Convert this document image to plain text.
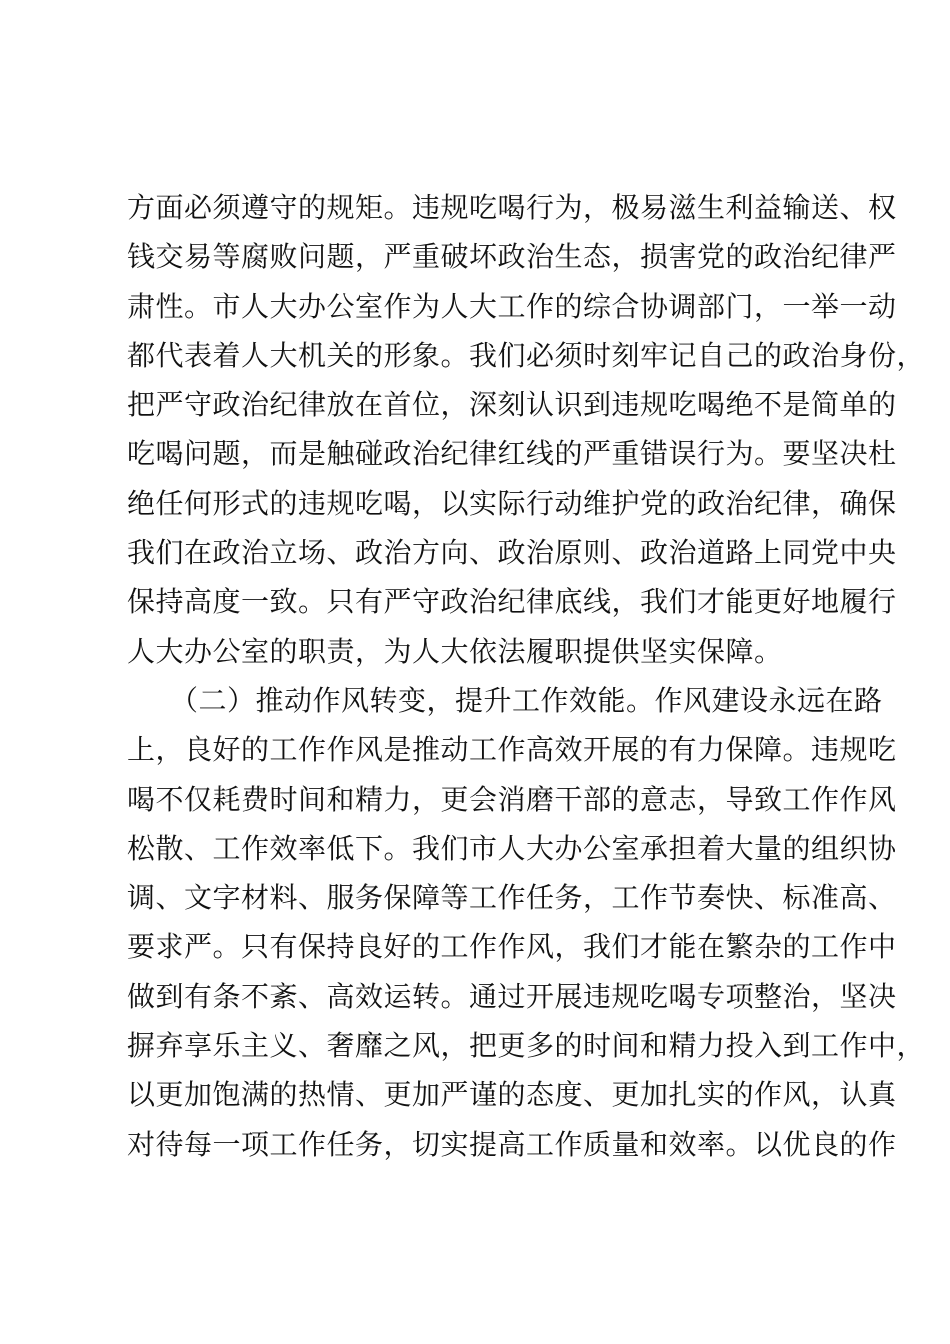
方面必须遵守的规矩。违规吃喝行为，极易滋生利益输送、权
钱交易等腐败问题，严重破坏政治生态，损害党的政治纪律严
肃性。市人大办公室作为人大工作的综合协调部门，一举一动
都代表着人大机关的形象。我们必须时刻牢记自己的政治身份，
把严守政治纪律放在首位，深刻认识到违规吃喝绝不是简单的
吃喝问题，而是触碰政治纪律红线的严重错误行为。要坚决杜
绝任何形式的违规吃喝，以实际行动维护党的政治纪律，确保
我们在政治立场、政治方向、政治原则、政治道路上同党中央
保持高度一致。只有严守政治纪律底线，我们才能更好地履行
人大办公室的职责，为人大依法履职提供坚实保障。
　　（二）推动作风转变，提升工作效能。作风建设永远在路
上，良好的工作作风是推动工作高效开展的有力保障。违规吃
喝不仅耗费时间和精力，更会消磨干部的意志，导致工作作风
松散、工作效率低下。我们市人大办公室承担着大量的组织协
调、文字材料、服务保障等工作任务，工作节奏快、标准高、
要求严。只有保持良好的工作作风，我们才能在繁杂的工作中
做到有条不紊、高效运转。通过开展违规吃喝专项整治，坚决
摒弃享乐主义、奢靡之风，把更多的时间和精力投入到工作中，
以更加饱满的热情、更加严谨的态度、更加扎实的作风，认真
对待每一项工作任务，切实提高工作质量和效率。以优良的作
